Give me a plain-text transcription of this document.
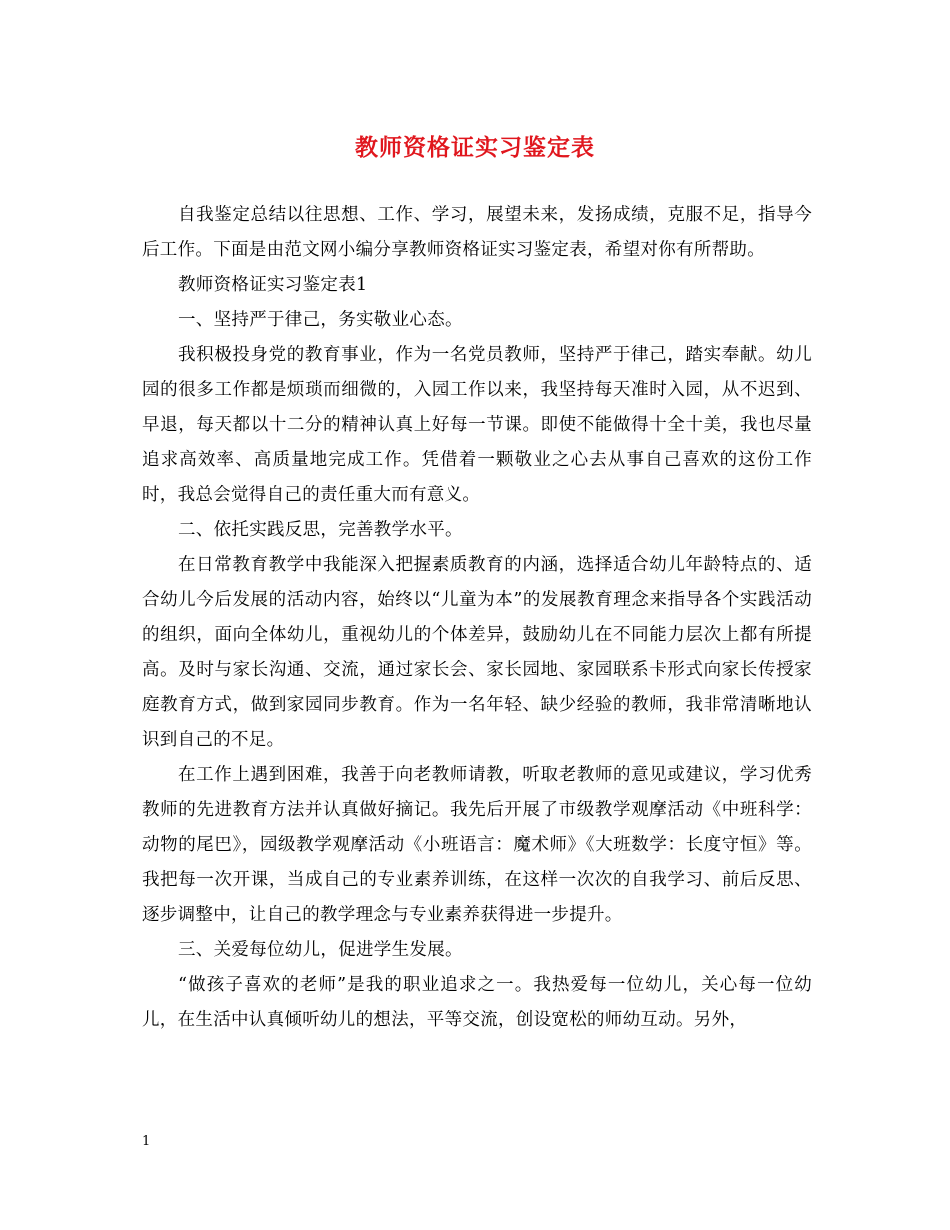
教师资格证实习鉴定表

自我鉴定总结以往思想、工作、学习，展望未来，发扬成绩，克服不足，指导今后工作。下面是由范文网小编分享教师资格证实习鉴定表，希望对你有所帮助。

教师资格证实习鉴定表1

一、坚持严于律己，务实敬业心态。

我积极投身党的教育事业，作为一名党员教师，坚持严于律己，踏实奉献。幼儿园的很多工作都是烦琐而细微的，入园工作以来，我坚持每天准时入园，从不迟到、早退，每天都以十二分的精神认真上好每一节课。即使不能做得十全十美，我也尽量追求高效率、高质量地完成工作。凭借着一颗敬业之心去从事自己喜欢的这份工作时，我总会觉得自己的责任重大而有意义。

二、依托实践反思，完善教学水平。

在日常教育教学中我能深入把握素质教育的内涵，选择适合幼儿年龄特点的、适合幼儿今后发展的活动内容，始终以“儿童为本”的发展教育理念来指导各个实践活动的组织，面向全体幼儿，重视幼儿的个体差异，鼓励幼儿在不同能力层次上都有所提高。及时与家长沟通、交流，通过家长会、家长园地、家园联系卡形式向家长传授家庭教育方式，做到家园同步教育。作为一名年轻、缺少经验的教师，我非常清晰地认识到自己的不足。

在工作上遇到困难，我善于向老教师请教，听取老教师的意见或建议，学习优秀教师的先进教育方法并认真做好摘记。我先后开展了市级教学观摩活动《中班科学：动物的尾巴》，园级教学观摩活动《小班语言：魔术师》《大班数学：长度守恒》等。我把每一次开课，当成自己的专业素养训练，在这样一次次的自我学习、前后反思、逐步调整中，让自己的教学理念与专业素养获得进一步提升。

三、关爱每位幼儿，促进学生发展。

“做孩子喜欢的老师”是我的职业追求之一。我热爱每一位幼儿，关心每一位幼儿，在生活中认真倾听幼儿的想法，平等交流，创设宽松的师幼互动。另外，

1
